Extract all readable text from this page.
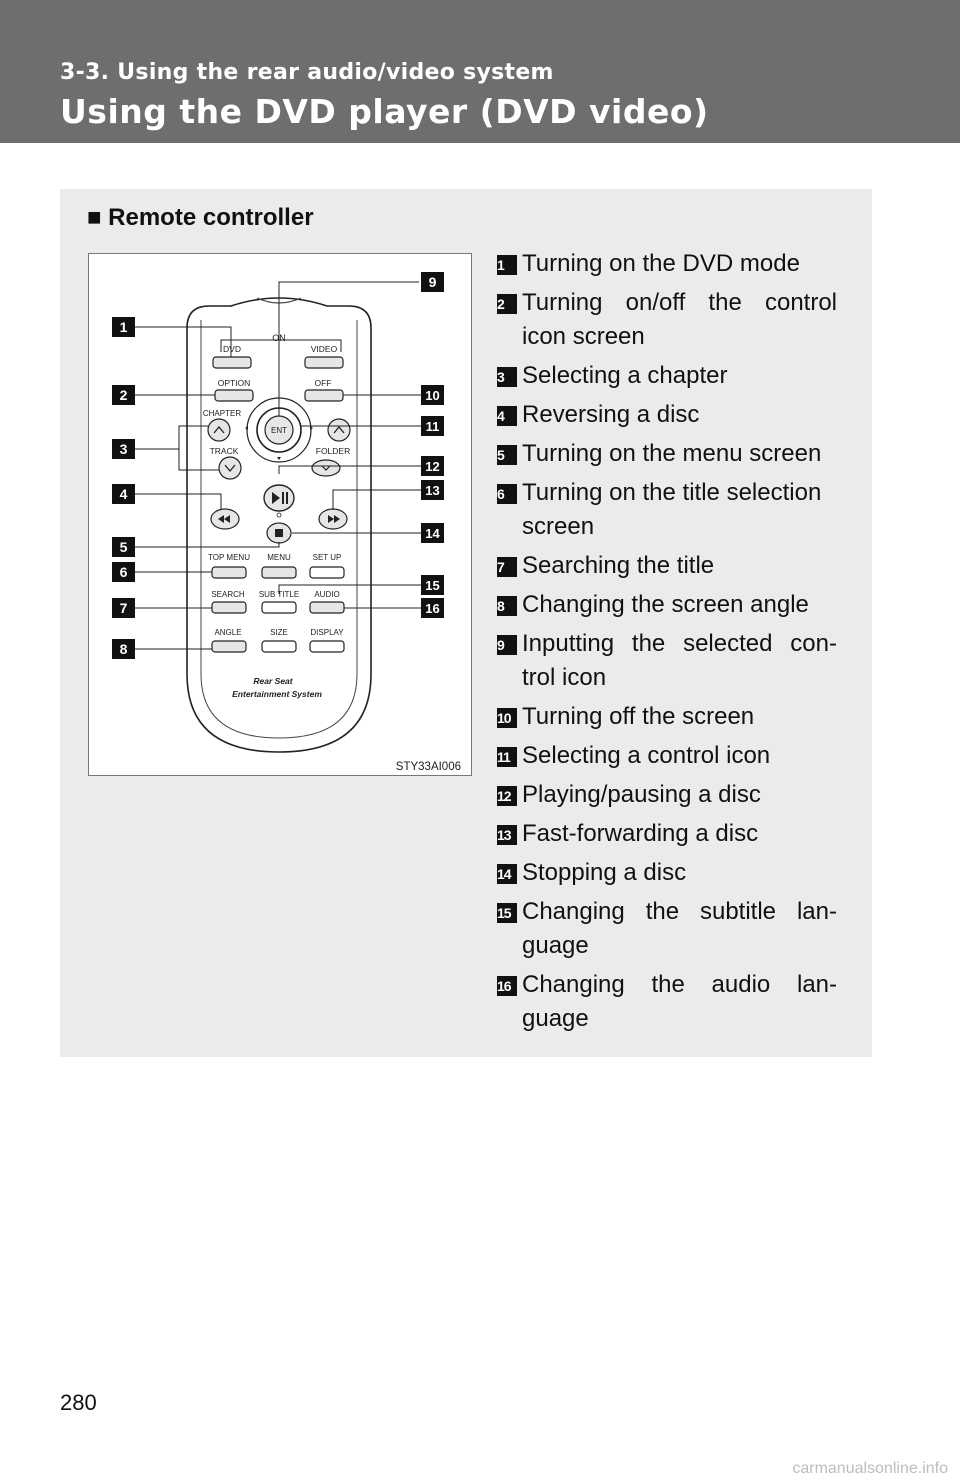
3-3. Using the rear audio/video system
Using the DVD player (DVD video)
■ Remote controller
ON
DVD	VIDEO
OPTION	OFF
ENT
CHAPTER
TRACK	FOLDER
TOP MENU MENU	SET UP
SEARCH SUB TITLE AUDIO
ANGLE	SIZE	DISPLAY
Rear Seat
Entertainment System
1
2
3
4
5
6
7
8
9
10
11
12
13
14
15
16
STY33AI006
1 Turning on the DVD mode
2 Turning on/off the control
icon screen
3 Selecting a chapter
4 Reversing a disc
5 Turning on the menu screen
6 Turning on the title selection
screen
7 Searching the title
8 Changing the screen angle
9 Inputting the selected con-
trol icon
10 Turning off the screen
11 Selecting a control icon
12 Playing/pausing a disc
13 Fast-forwarding a disc
14 Stopping a disc
15 Changing the subtitle lan-
guage
16 Changing the audio lan-
guage
280
carmanualsonline.info
